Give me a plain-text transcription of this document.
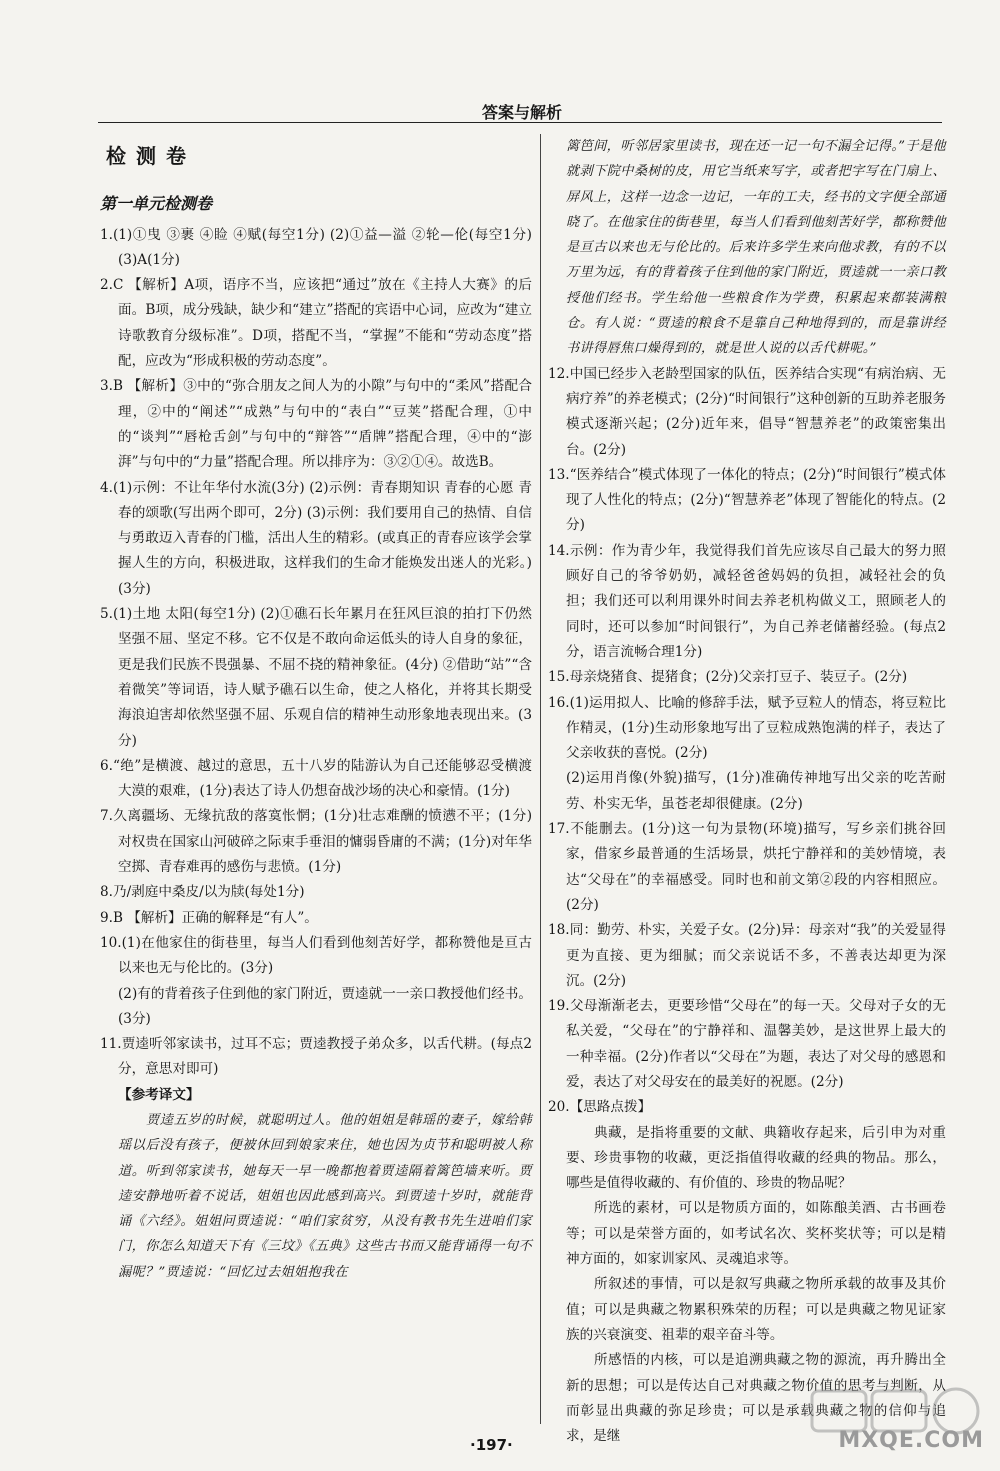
答案与解析

检测卷

第一单元检测卷

1.(1)①曳 ③裹 ④睑 ④赋(每空1分) (2)①益—溢 ②轮—伦(每空1分) (3)A(1分)

2.C 【解析】A项，语序不当，应该把“通过”放在《主持人大赛》的后面。B项，成分残缺，缺少和“建立”搭配的宾语中心词，应改为“建立诗歌教育分级标准”。D项，搭配不当，“掌握”不能和“劳动态度”搭配，应改为“形成积极的劳动态度”。

3.B 【解析】③中的“弥合朋友之间人为的小隙”与句中的“柔风”搭配合理，②中的“阐述”“成熟”与句中的“表白”“豆荚”搭配合理，①中的“谈判”“唇枪舌剑”与句中的“辩答”“盾牌”搭配合理，④中的“澎湃”与句中的“力量”搭配合理。所以排序为：③②①④。故选B。

4.(1)示例：不让年华付水流(3分) (2)示例：青春期知识 青春的心愿 青春的颂歌(写出两个即可，2分) (3)示例：我们要用自己的热情、自信与勇敢迈入青春的门槛，活出人生的精彩。(或真正的青春应该学会掌握人生的方向，积极进取，这样我们的生命才能焕发出迷人的光彩。)(3分)

5.(1)土地 太阳(每空1分) (2)①礁石长年累月在狂风巨浪的拍打下仍然坚强不屈、坚定不移。它不仅是不敢向命运低头的诗人自身的象征，更是我们民族不畏强暴、不屈不挠的精神象征。(4分) ②借助“站”“含着微笑”等词语，诗人赋予礁石以生命，使之人格化，并将其长期受海浪迫害却依然坚强不屈、乐观自信的精神生动形象地表现出来。(3分)

6.“绝”是横渡、越过的意思，五十八岁的陆游认为自己还能够忍受横渡大漠的艰难，(1分)表达了诗人仍想奋战沙场的决心和豪情。(1分)

7.久离疆场、无缘抗敌的落寞怅惘；(1分)壮志难酬的愤懑不平；(1分)对权贵在国家山河破碎之际束手垂泪的慵弱昏庸的不满；(1分)对年华空掷、青春难再的感伤与悲愤。(1分)

8.乃/剥庭中桑皮/以为牍(每处1分)

9.B 【解析】正确的解释是“有人”。

10.(1)在他家住的街巷里，每当人们看到他刻苦好学，都称赞他是亘古以来也无与伦比的。(3分)

(2)有的背着孩子住到他的家门附近，贾逵就一一亲口教授他们经书。(3分)

11.贾逵听邻家读书，过耳不忘；贾逵教授子弟众多，以舌代耕。(每点2分，意思对即可)

【参考译文】

贾逵五岁的时候，就聪明过人。他的姐姐是韩瑶的妻子，嫁给韩瑶以后没有孩子，便被休回到娘家来住，她也因为贞节和聪明被人称道。听到邻家读书，她每天一早一晚都抱着贾逵隔着篱笆墙来听。贾逵安静地听着不说话，姐姐也因此感到高兴。到贾逵十岁时，就能背诵《六经》。姐姐问贾逵说：“咱们家贫穷，从没有教书先生进咱们家门，你怎么知道天下有《三坟》《五典》这些古书而又能背诵得一句不漏呢？”贾逵说：“回忆过去姐姐抱我在

篱笆间，听邻居家里读书，现在还一记一句不漏全记得。”于是他就剥下院中桑树的皮，用它当纸来写字，或者把字写在门扇上、屏风上，这样一边念一边记，一年的工夫，经书的文字便全部通晓了。在他家住的街巷里，每当人们看到他刻苦好学，都称赞他是亘古以来也无与伦比的。后来许多学生来向他求教，有的不以万里为远，有的背着孩子住到他的家门附近，贾逵就一一亲口教授他们经书。学生给他一些粮食作为学费，积累起来都装满粮仓。有人说：“贾逵的粮食不是靠自己种地得到的，而是靠讲经书讲得唇焦口燥得到的，就是世人说的以舌代耕呢。”

12.中国已经步入老龄型国家的队伍，医养结合实现“有病治病、无病疗养”的养老模式；(2分)“时间银行”这种创新的互助养老服务模式逐渐兴起；(2分)近年来，倡导“智慧养老”的政策密集出台。(2分)

13.“医养结合”模式体现了一体化的特点；(2分)“时间银行”模式体现了人性化的特点；(2分)“智慧养老”体现了智能化的特点。(2分)

14.示例：作为青少年，我觉得我们首先应该尽自己最大的努力照顾好自己的爷爷奶奶，减轻爸爸妈妈的负担，减轻社会的负担；我们还可以利用课外时间去养老机构做义工，照顾老人的同时，还可以参加“时间银行”，为自己养老储蓄经验。(每点2分，语言流畅合理1分)

15.母亲烧猪食、提猪食；(2分)父亲打豆子、装豆子。(2分)

16.(1)运用拟人、比喻的修辞手法，赋予豆粒人的情态，将豆粒比作精灵，(1分)生动形象地写出了豆粒成熟饱满的样子，表达了父亲收获的喜悦。(2分)

(2)运用肖像(外貌)描写，(1分)准确传神地写出父亲的吃苦耐劳、朴实无华，虽苍老却很健康。(2分)

17.不能删去。(1分)这一句为景物(环境)描写，写乡亲们挑谷回家，借家乡最普通的生活场景，烘托宁静祥和的美妙情境，表达“父母在”的幸福感受。同时也和前文第②段的内容相照应。(2分)

18.同：勤劳、朴实，关爱子女。(2分)异：母亲对“我”的关爱显得更为直接、更为细腻；而父亲说话不多，不善表达却更为深沉。(2分)

19.父母渐渐老去，更要珍惜“父母在”的每一天。父母对子女的无私关爱，“父母在”的宁静祥和、温馨美妙，是这世界上最大的一种幸福。(2分)作者以“父母在”为题，表达了对父母的感恩和爱，表达了对父母安在的最美好的祝愿。(2分)

20.【思路点拨】

典藏，是指将重要的文献、典籍收存起来，后引申为对重要、珍贵事物的收藏，更泛指值得收藏的经典的物品。那么，哪些是值得收藏的、有价值的、珍贵的物品呢？

所选的素材，可以是物质方面的，如陈酿美酒、古书画卷等；可以是荣誉方面的，如考试名次、奖杯奖状等；可以是精神方面的，如家训家风、灵魂追求等。

所叙述的事情，可以是叙写典藏之物所承载的故事及其价值；可以是典藏之物累积殊荣的历程；可以是典藏之物见证家族的兴衰演变、祖辈的艰辛奋斗等。

所感悟的内核，可以是追溯典藏之物的源流，再升腾出全新的思想；可以是传达自己对典藏之物价值的思考与判断，从而彰显出典藏的弥足珍贵；可以是承载典藏之物的信仰与追求，是继

·197·	MXQE.COM
